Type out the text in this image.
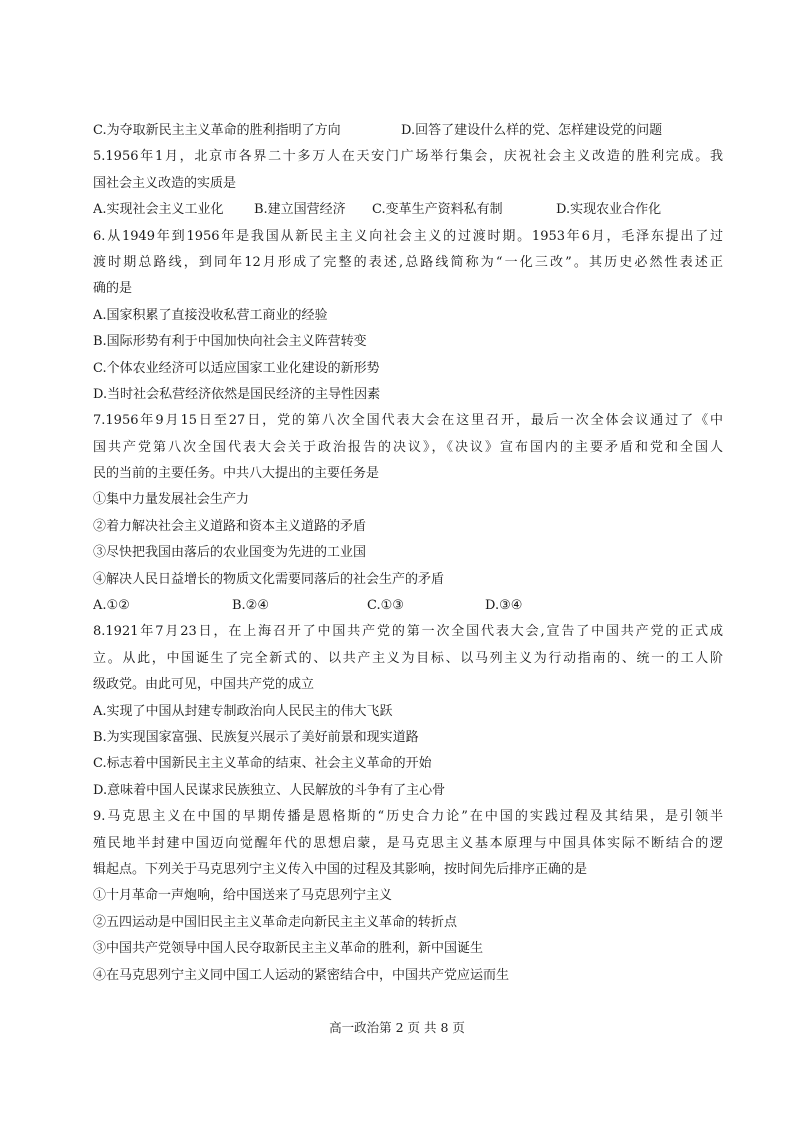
C.为夺取新民主主义革命的胜利指明了方向	D.回答了建设什么样的党、怎样建设党的问题
5.1956年1月，北京市各界二十多万人在天安门广场举行集会，庆祝社会主义改造的胜利完成。我
国社会主义改造的实质是
A.实现社会主义工业化	B.建立国营经济	C.变革生产资料私有制	D.实现农业合作化
6.从1949年到1956年是我国从新民主主义向社会主义的过渡时期。1953年6月，毛泽东提出了过
渡时期总路线，到同年12月形成了完整的表述,总路线简称为“一化三改”。其历史必然性表述正
确的是
A.国家积累了直接没收私营工商业的经验
B.国际形势有利于中国加快向社会主义阵营转变
C.个体农业经济可以适应国家工业化建设的新形势
D.当时社会私营经济依然是国民经济的主导性因素
7.1956年9月15日至27日，党的第八次全国代表大会在这里召开，最后一次全体会议通过了《中
国共产党第八次全国代表大会关于政治报告的决议》，《决议》宣布国内的主要矛盾和党和全国人
民的当前的主要任务。中共八大提出的主要任务是
①集中力量发展社会生产力
②着力解决社会主义道路和资本主义道路的矛盾
③尽快把我国由落后的农业国变为先进的工业国
④解决人民日益增长的物质文化需要同落后的社会生产的矛盾
A.①②	B.②④	C.①③	D.③④
8.1921年7月23日，在上海召开了中国共产党的第一次全国代表大会,宣告了中国共产党的正式成
立。从此，中国诞生了完全新式的、以共产主义为目标、以马列主义为行动指南的、统一的工人阶
级政党。由此可见，中国共产党的成立
A.实现了中国从封建专制政治向人民民主的伟大飞跃
B.为实现国家富强、民族复兴展示了美好前景和现实道路
C.标志着中国新民主主义革命的结束、社会主义革命的开始
D.意味着中国人民谋求民族独立、人民解放的斗争有了主心骨
9.马克思主义在中国的早期传播是恩格斯的“历史合力论”在中国的实践过程及其结果，是引领半
殖民地半封建中国迈向觉醒年代的思想启蒙，是马克思主义基本原理与中国具体实际不断结合的逻
辑起点。下列关于马克思列宁主义传入中国的过程及其影响，按时间先后排序正确的是
①十月革命一声炮响，给中国送来了马克思列宁主义
②五四运动是中国旧民主主义革命走向新民主主义革命的转折点
③中国共产党领导中国人民夺取新民主主义革命的胜利，新中国诞生
④在马克思列宁主义同中国工人运动的紧密结合中，中国共产党应运而生
高一政治第 2 页 共 8 页
